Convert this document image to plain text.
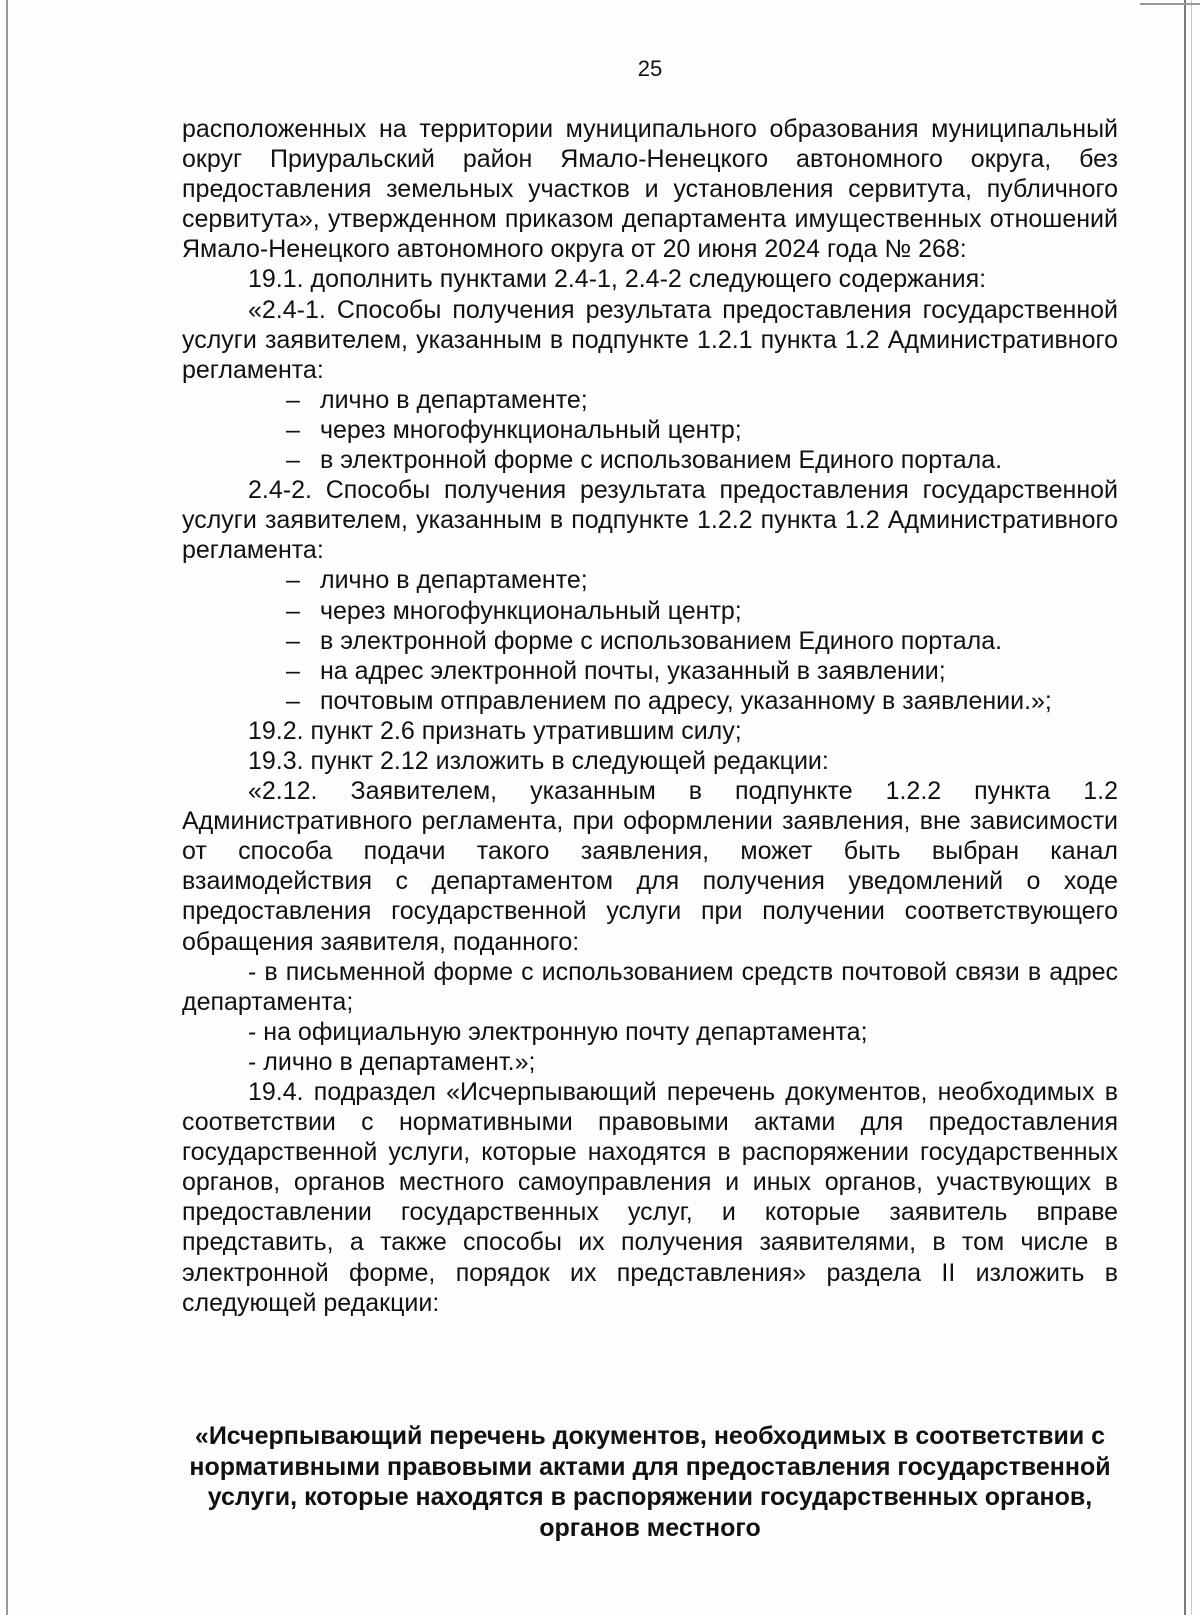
25

расположенных на территории муниципального образования муниципальный округ Приуральский район Ямало-Ненецкого автономного округа, без предоставления земельных участков и установления сервитута, публичного сервитута», утвержденном приказом департамента имущественных отношений Ямало-Ненецкого автономного округа от 20 июня 2024 года № 268:

19.1. дополнить пунктами 2.4-1, 2.4-2 следующего содержания:

«2.4-1. Способы получения результата предоставления государственной услуги заявителем, указанным в подпункте 1.2.1 пункта 1.2 Административного регламента:

– лично в департаменте;

– через многофункциональный центр;

– в электронной форме с использованием Единого портала.

2.4-2. Способы получения результата предоставления государственной услуги заявителем, указанным в подпункте 1.2.2 пункта 1.2 Административного регламента:

– лично в департаменте;

– через многофункциональный центр;

– в электронной форме с использованием Единого портала.

– на адрес электронной почты, указанный в заявлении;

– почтовым отправлением по адресу, указанному в заявлении.»;

19.2. пункт 2.6 признать утратившим силу;

19.3. пункт 2.12 изложить в следующей редакции:

«2.12. Заявителем, указанным в подпункте 1.2.2 пункта 1.2 Административного регламента, при оформлении заявления, вне зависимости от способа подачи такого заявления, может быть выбран канал взаимодействия с департаментом для получения уведомлений о ходе предоставления государственной услуги при получении соответствующего обращения заявителя, поданного:

- в письменной форме с использованием средств почтовой связи в адрес департамента;

- на официальную электронную почту департамента;

- лично в департамент.»;

19.4. подраздел «Исчерпывающий перечень документов, необходимых в соответствии с нормативными правовыми актами для предоставления государственной услуги, которые находятся в распоряжении государственных органов, органов местного самоуправления и иных органов, участвующих в предоставлении государственных услуг, и которые заявитель вправе представить, а также способы их получения заявителями, в том числе в электронной форме, порядок их представления» раздела II изложить в следующей редакции:

«Исчерпывающий перечень документов, необходимых в соответствии с нормативными правовыми актами для предоставления государственной услуги, которые находятся в распоряжении государственных органов, органов местного
